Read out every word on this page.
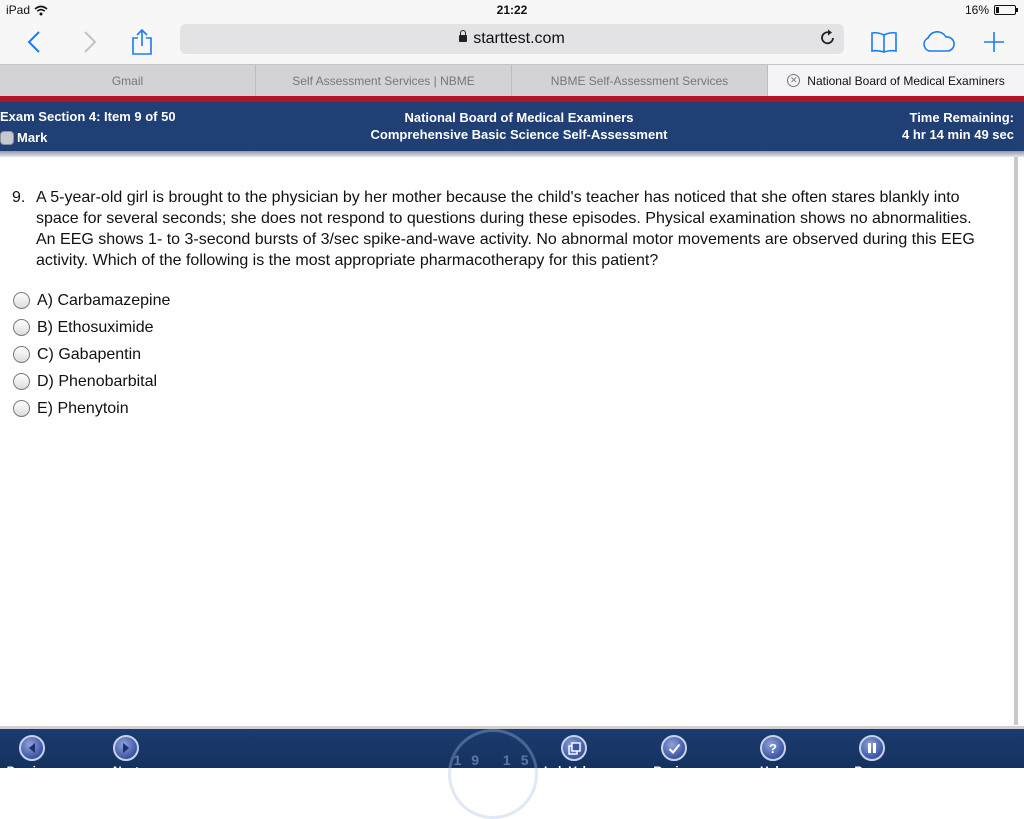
iPad	21:22	16%
starttest.com
Gmail	Self Assessment Services | NBME	NBME Self-Assessment Services	✕ National Board of Medical Examiners
Exam Section 4: Item 9 of 50
Mark
National Board of Medical Examiners
Comprehensive Basic Science Self-Assessment
Time Remaining:
4 hr 14 min 49 sec
9. A 5-year-old girl is brought to the physician by her mother because the child's teacher has noticed that she often stares blankly into space for several seconds; she does not respond to questions during these episodes. Physical examination shows no abnormalities. An EEG shows 1- to 3-second bursts of 3/sec spike-and-wave activity. No abnormal motor movements are observed during this EEG activity. Which of the following is the most appropriate pharmacotherapy for this patient?
A) Carbamazepine
B) Ethosuximide
C) Gabapentin
D) Phenobarbital
E) Phenytoin
19 15
Previous	Next	Lab Values	Review
?
Help	Pause
